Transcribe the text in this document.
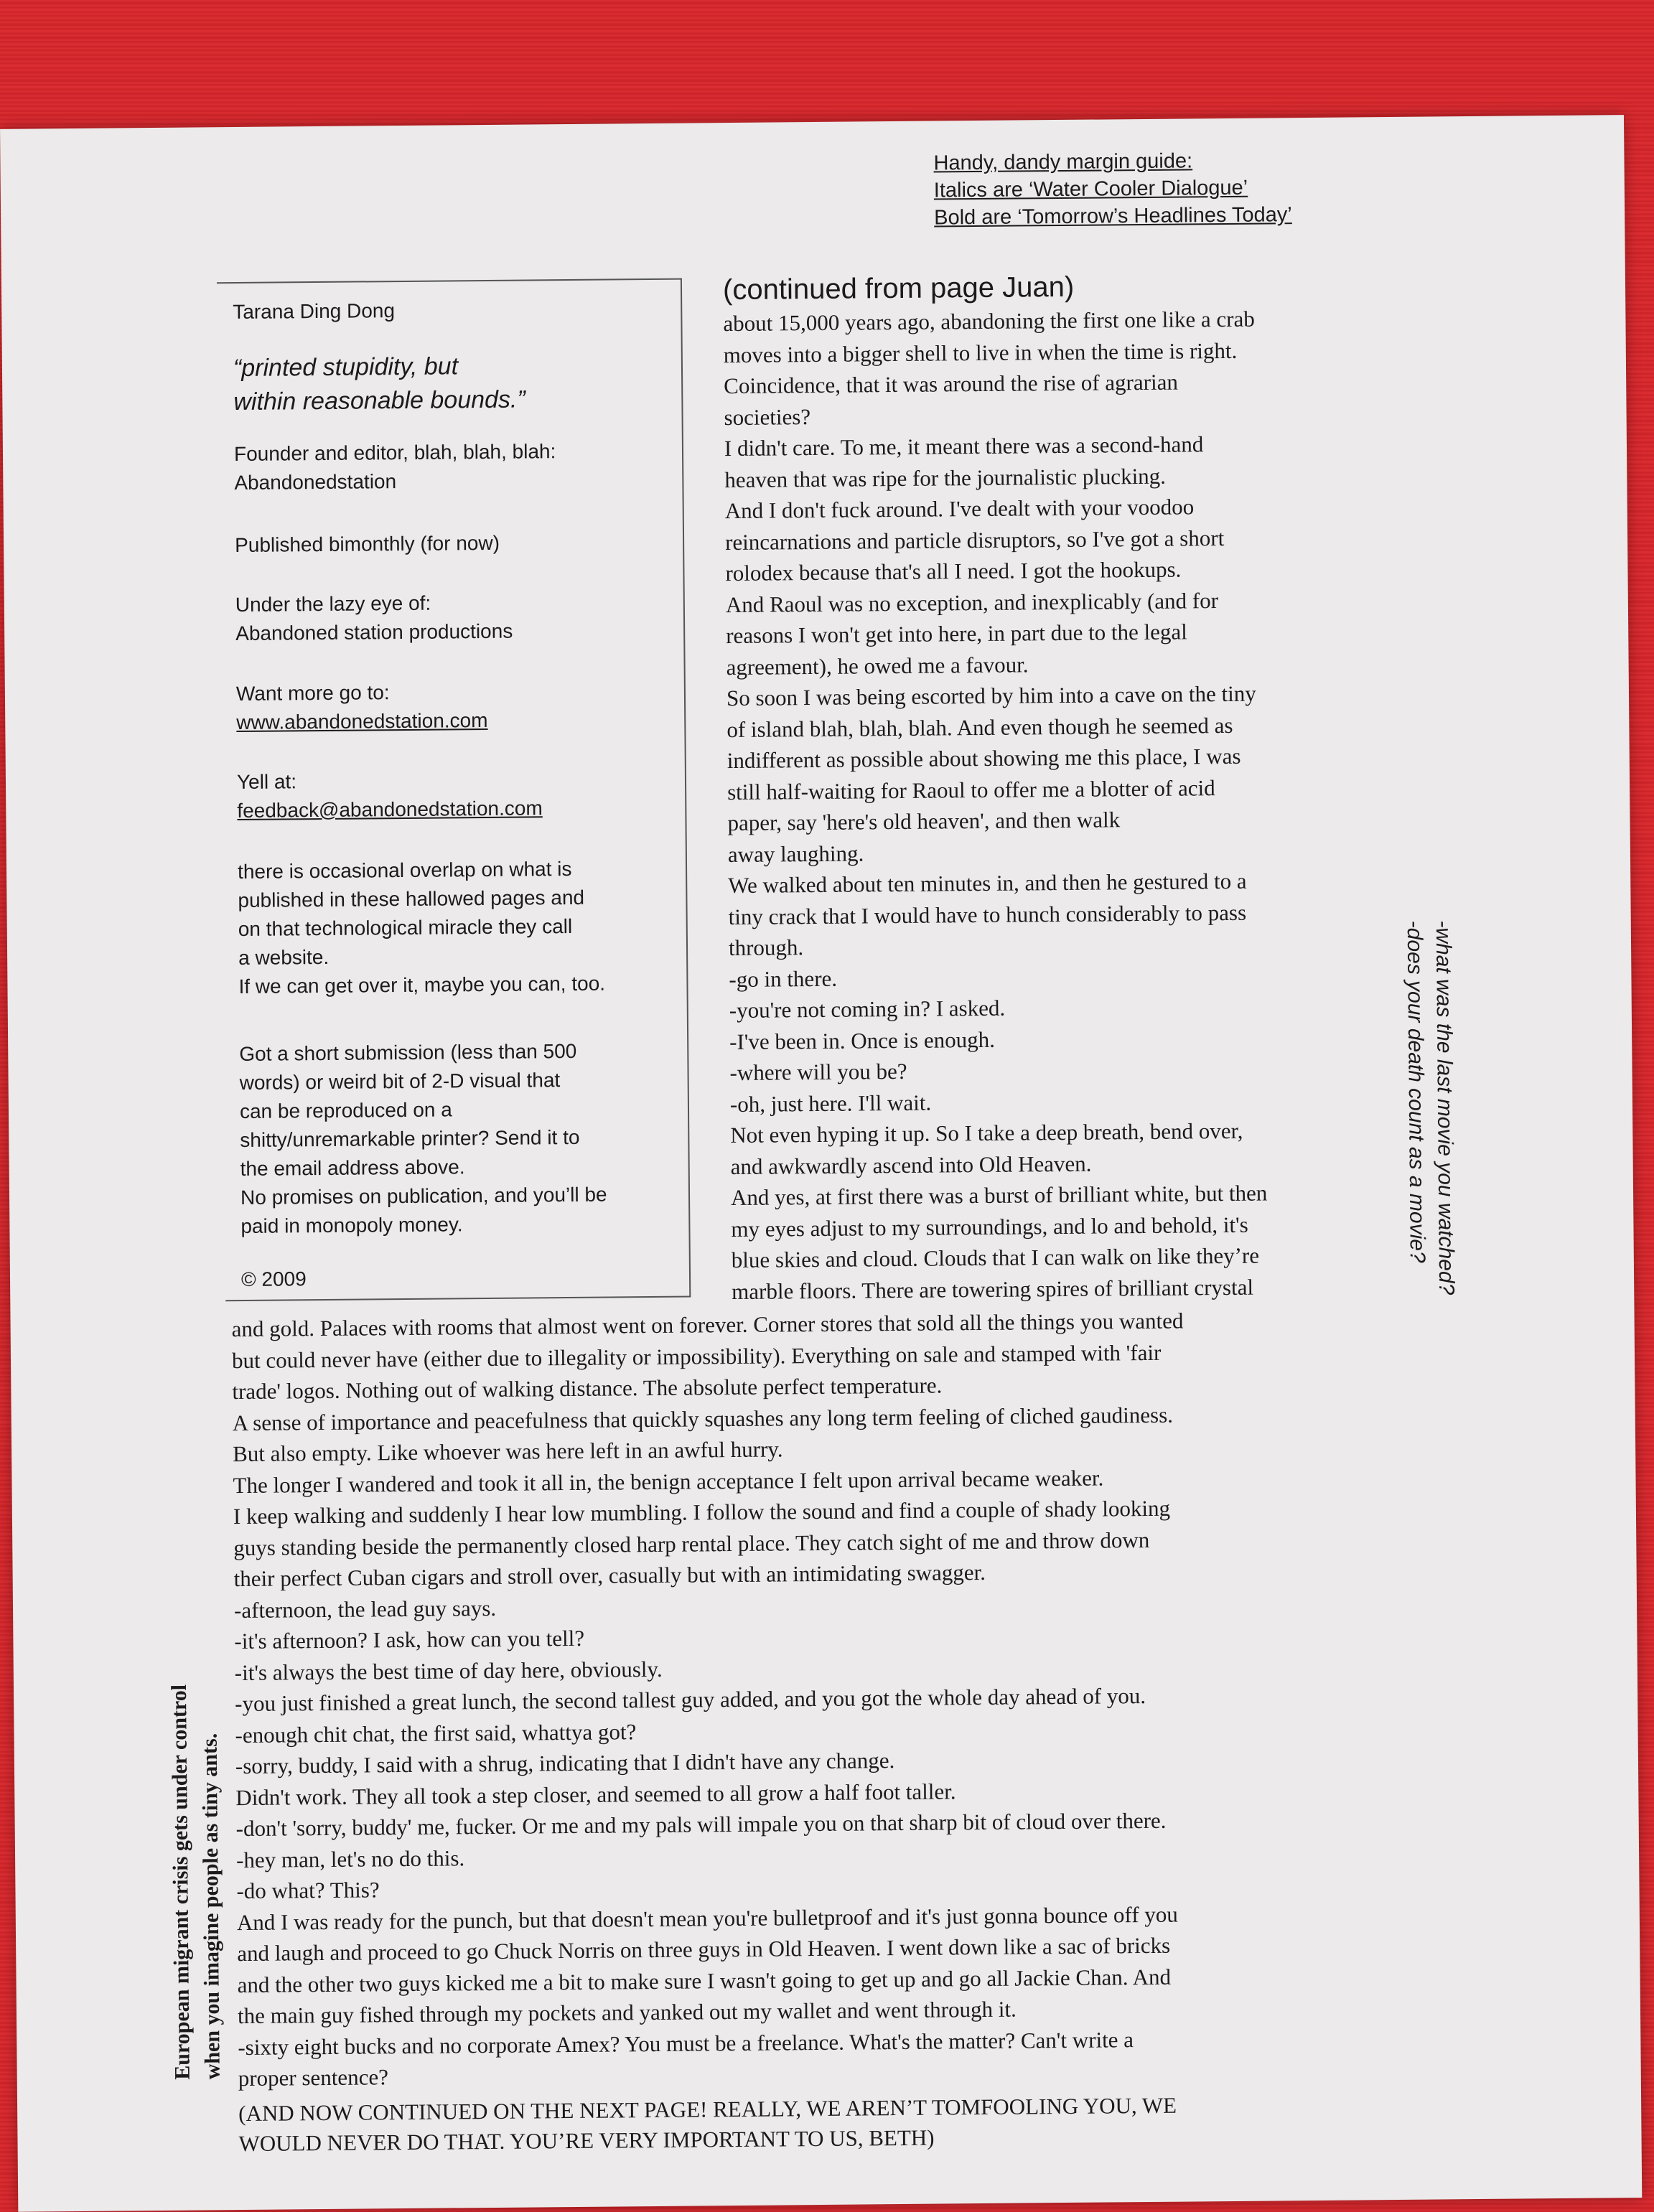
Handy, dandy margin guide:
Italics are ‘Water Cooler Dialogue’
Bold are ‘Tomorrow’s Headlines Today’

Tarana Ding Dong

“printed stupidity, but

within reasonable bounds.”

Founder and editor, blah, blah, blah:

Abandonedstation

Published bimonthly (for now)

Under the lazy eye of:

Abandoned station productions

Want more go to:

www.abandonedstation.com

Yell at:

feedback@abandonedstation.com

there is occasional overlap on what is

published in these hallowed pages and

on that technological miracle they call

a website.

If we can get over it, maybe you can, too.

Got a short submission (less than 500

words) or weird bit of 2-D visual that

can be reproduced on a

shitty/unremarkable printer? Send it to

the email address above.

No promises on publication, and you’ll be

paid in monopoly money.

© 2009

(continued from page Juan)

about 15,000 years ago, abandoning the first one like a crab

moves into a bigger shell to live in when the time is right.

Coincidence, that it was around the rise of agrarian

societies?

I didn't care. To me, it meant there was a second-hand

heaven that was ripe for the journalistic plucking.

And I don't fuck around. I've dealt with your voodoo

reincarnations and particle disruptors, so I've got a short

rolodex because that's all I need. I got the hookups.

And Raoul was no exception, and inexplicably (and for

reasons I won't get into here, in part due to the legal

agreement), he owed me a favour.

So soon I was being escorted by him into a cave on the tiny

of island blah, blah, blah. And even though he seemed as

indifferent as possible about showing me this place, I was

still half-waiting for Raoul to offer me a blotter of acid

paper, say 'here's old heaven', and then walk

away laughing.

We walked about ten minutes in, and then he gestured to a

tiny crack that I would have to hunch considerably to pass

through.

-go in there.

-you're not coming in? I asked.

-I've been in. Once is enough.

-where will you be?

-oh, just here. I'll wait.

Not even hyping it up. So I take a deep breath, bend over,

and awkwardly ascend into Old Heaven.

And yes, at first there was a burst of brilliant white, but then

my eyes adjust to my surroundings, and lo and behold, it's

blue skies and cloud. Clouds that I can walk on like they’re

marble floors. There are towering spires of brilliant crystal

and gold. Palaces with rooms that almost went on forever. Corner stores that sold all the things you wanted

but could never have (either due to illegality or impossibility). Everything on sale and stamped with 'fair

trade' logos. Nothing out of walking distance. The absolute perfect temperature.

A sense of importance and peacefulness that quickly squashes any long term feeling of cliched gaudiness.

But also empty. Like whoever was here left in an awful hurry.

The longer I wandered and took it all in, the benign acceptance I felt upon arrival became weaker.

I keep walking and suddenly I hear low mumbling. I follow the sound and find a couple of shady looking

guys standing beside the permanently closed harp rental place. They catch sight of me and throw down

their perfect Cuban cigars and stroll over, casually but with an intimidating swagger.

-afternoon, the lead guy says.

-it's afternoon? I ask, how can you tell?

-it's always the best time of day here, obviously.

-you just finished a great lunch, the second tallest guy added, and you got the whole day ahead of you.

-enough chit chat, the first said, whattya got?

-sorry, buddy, I said with a shrug, indicating that I didn't have any change.

Didn't work. They all took a step closer, and seemed to all grow a half foot taller.

-don't 'sorry, buddy' me, fucker. Or me and my pals will impale you on that sharp bit of cloud over there.

-hey man, let's no do this.

-do what? This?

And I was ready for the punch, but that doesn't mean you're bulletproof and it's just gonna bounce off you

and laugh and proceed to go Chuck Norris on three guys in Old Heaven. I went down like a sac of bricks

and the other two guys kicked me a bit to make sure I wasn't going to get up and go all Jackie Chan. And

the main guy fished through my pockets and yanked out my wallet and went through it.

-sixty eight bucks and no corporate Amex? You must be a freelance. What's the matter? Can't write a

proper sentence?

(AND NOW CONTINUED ON THE NEXT PAGE! REALLY, WE AREN’T TOMFOOLING YOU, WE

WOULD NEVER DO THAT. YOU’RE VERY IMPORTANT TO US, BETH)

-what was the last movie you watched?

-does your death count as a movie?

European migrant crisis gets under control when you imagine people as tiny ants.
